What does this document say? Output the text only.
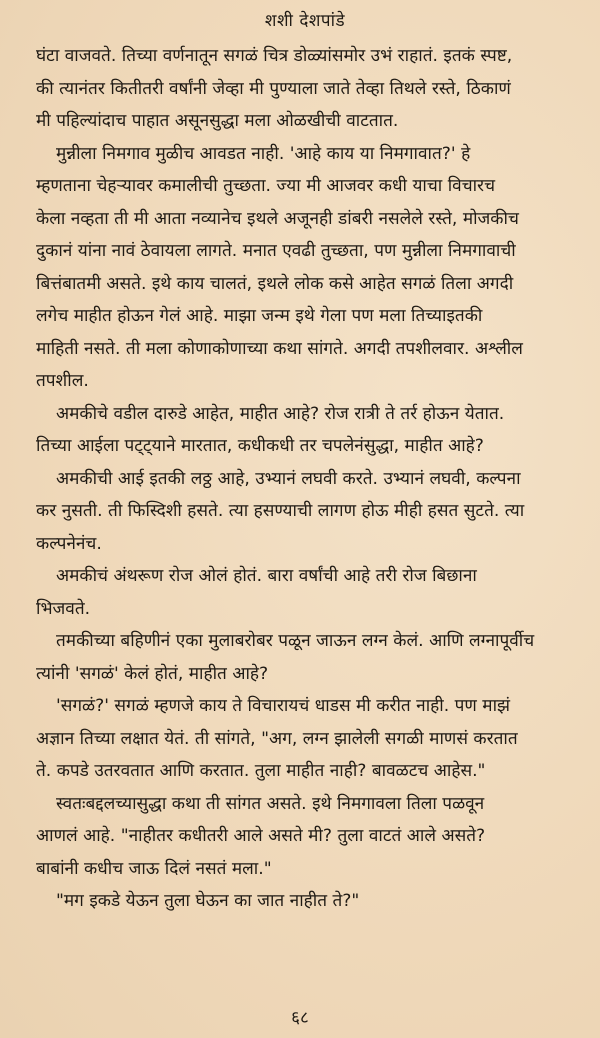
शशी देशपांडे
घंटा वाजवते. तिच्या वर्णनातून सगळं चित्र डोळ्यांसमोर उभं राहातं. इतकं स्पष्ट,
की त्यानंतर कितीतरी वर्षांनी जेव्हा मी पुण्याला जाते तेव्हा तिथले रस्ते, ठिकाणं
मी पहिल्यांदाच पाहात असूनसुद्धा मला ओळखीची वाटतात.
मुन्नीला निमगाव मुळीच आवडत नाही. 'आहे काय या निमगावात?' हे
म्हणताना चेहऱ्यावर कमालीची तुच्छता. ज्या मी आजवर कधी याचा विचारच
केला नव्हता ती मी आता नव्यानेच इथले अजूनही डांबरी नसलेले रस्ते, मोजकीच
दुकानं यांना नावं ठेवायला लागते. मनात एवढी तुच्छता, पण मुन्नीला निमगावाची
बित्तंबातमी असते. इथे काय चालतं, इथले लोक कसे आहेत सगळं तिला अगदी
लगेच माहीत होऊन गेलं आहे. माझा जन्म इथे गेला पण मला तिच्याइतकी
माहिती नसते. ती मला कोणाकोणाच्या कथा सांगते. अगदी तपशीलवार. अश्लील
तपशील.
अमकीचे वडील दारुडे आहेत, माहीत आहे? रोज रात्री ते तर्र होऊन येतात.
तिच्या आईला पट्ट्याने मारतात, कधीकधी तर चपलेनंसुद्धा, माहीत आहे?
अमकीची आई इतकी लठ्ठ आहे, उभ्यानं लघवी करते. उभ्यानं लघवी, कल्पना
कर नुसती. ती फिस्दिशी हसते. त्या हसण्याची लागण होऊ मीही हसत सुटते. त्या
कल्पनेनंच.
अमकीचं अंथरूण रोज ओलं होतं. बारा वर्षांची आहे तरी रोज बिछाना
भिजवते.
तमकीच्या बहिणीनं एका मुलाबरोबर पळून जाऊन लग्न केलं. आणि लग्नापूर्वीच
त्यांनी 'सगळं' केलं होतं, माहीत आहे?
'सगळं?' सगळं म्हणजे काय ते विचारायचं धाडस मी करीत नाही. पण माझं
अज्ञान तिच्या लक्षात येतं. ती सांगते, "अग, लग्न झालेली सगळी माणसं करतात
ते. कपडे उतरवतात आणि करतात. तुला माहीत नाही? बावळटच आहेस."
स्वतःबद्दलच्यासुद्धा कथा ती सांगत असते. इथे निमगावला तिला पळवून
आणलं आहे. "नाहीतर कधीतरी आले असते मी? तुला वाटतं आले असते?
बाबांनी कधीच जाऊ दिलं नसतं मला."
"मग इकडे येऊन तुला घेऊन का जात नाहीत ते?"
६८
